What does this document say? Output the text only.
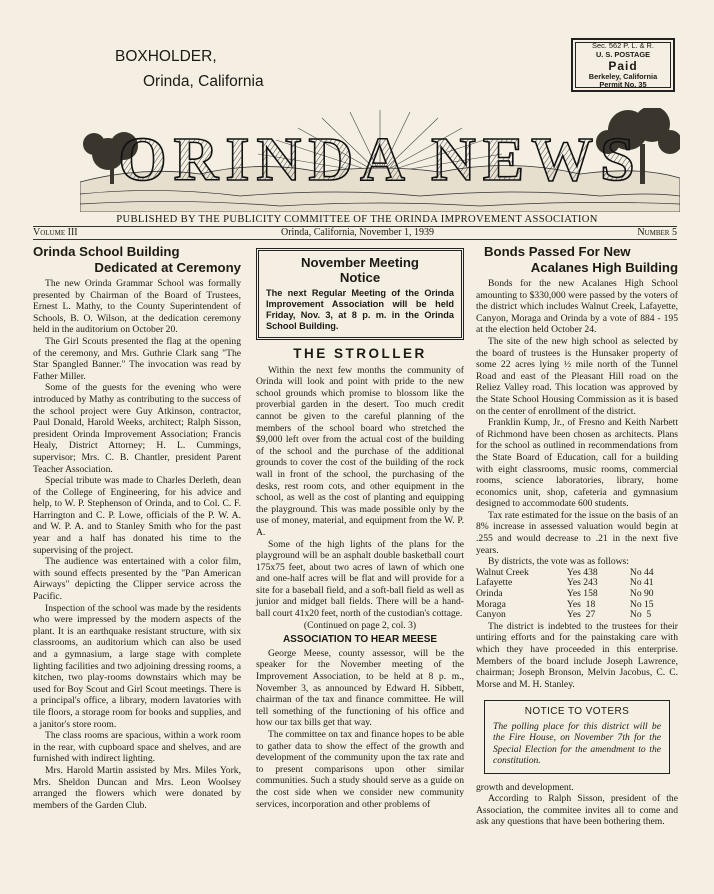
BOXHOLDER,
Orinda, California
Sec. 562 P. L. & R.
U. S. POSTAGE
Paid
Berkeley, California
Permit No. 35
ORINDA NEWS
PUBLISHED BY THE PUBLICITY COMMITTEE OF THE ORINDA IMPROVEMENT ASSOCIATION
Volume III	Orinda, California, November 1, 1939	Number 5
Orinda School Building
Dedicated at Ceremony

The new Orinda Grammar School was formally presented by Chairman of the Board of Trustees, Ernest L. Mathy, to the County Superintendent of Schools, B. O. Wilson, at the dedication ceremony held in the auditorium on October 20.

The Girl Scouts presented the flag at the opening of the ceremony, and Mrs. Guthrie Clark sang "The Star Spangled Banner." The invocation was read by Father Miller.

Some of the guests for the evening who were introduced by Mathy as contributing to the success of the school project were Guy Atkinson, contractor, Paul Donald, Harold Weeks, architect; Ralph Sisson, president Orinda Improvement Association; Francis Healy, District Attorney; H. L. Cummings, supervisor; Mrs. C. B. Chantler, president Parent Teacher Association.

Special tribute was made to Charles Derleth, dean of the College of Engineering, for his advice and help, to W. P. Stephenson of Orinda, and to Col. C. F. Harrington and C. P. Lowe, officials of the P. W. A. and W. P. A. and to Stanley Smith who for the past year and a half has donated his time to the supervising of the project.

The audience was entertained with a color film, with sound effects presented by the "Pan American Airways" depicting the Clipper service across the Pacific.

Inspection of the school was made by the residents who were impressed by the modern aspects of the plant. It is an earthquake resistant structure, with six classrooms, an auditorium which can also be used and a gymnasium, a large stage with complete lighting facilities and two adjoining dressing rooms, a kitchen, two play-rooms downstairs which may be used for Boy Scout and Girl Scout meetings. There is a principal's office, a library, modern lavatories with tile floors, a storage room for books and supplies, and a janitor's store room.

The class rooms are spacious, within a work room in the rear, with cupboard space and shelves, and are furnished with indirect lighting.

Mrs. Harold Martin assisted by Mrs. Miles York, Mrs. Sheldon Duncan and Mrs. Leon Woolsey arranged the flowers which were donated by members of the Garden Club.

November Meeting
Notice
The next Regular Meeting of the Orinda Improvement Association will be held Friday, Nov. 3, at 8 p. m. in the Orinda School Building.
THE STROLLER

Within the next few months the community of Orinda will look and point with pride to the new school grounds which promise to blossom like the proverbial garden in the desert. Too much credit cannot be given to the careful planning of the members of the school board who stretched the $9,000 left over from the actual cost of the building of the school and the purchase of the additional grounds to cover the cost of the building of the rock wall in front of the school, the purchasing of the desks, rest room cots, and other equipment in the school, as well as the cost of planting and equipping the playground. This was made possible only by the use of money, material, and equipment from the W. P. A.

Some of the high lights of the plans for the playground will be an asphalt double basketball court 175x75 feet, about two acres of lawn of which one and one-half acres will be flat and will provide for a site for a baseball field, and a soft-ball field as well as junior and midget ball fields. There will be a hand-ball court 41x20 feet, north of the custodian's cottage.

(Continued on page 2, col. 3)
ASSOCIATION TO HEAR MEESE

George Meese, county assessor, will be the speaker for the November meeting of the Improvement Association, to be held at 8 p. m., November 3, as announced by Edward H. Sibbett, chairman of the tax and finance committee. He will tell something of the functioning of his office and how our tax bills get that way.

The committee on tax and finance hopes to be able to gather data to show the effect of the growth and development of the community upon the tax rate and to present comparisons upon other similar communities. Such a study should serve as a guide on the cost side when we consider new community services, incorporation and other problems of

Bonds Passed For New
Acalanes High Building

Bonds for the new Acalanes High School amounting to $330,000 were passed by the voters of the district which includes Walnut Creek, Lafayette, Canyon, Moraga and Orinda by a vote of 884 - 195 at the election held October 24.

The site of the new high school as selected by the board of trustees is the Hunsaker property of some 22 acres lying ½ mile north of the Tunnel Road and east of the Pleasant Hill road on the Reliez Valley road. This location was approved by the State School Housing Commission as it is based on the center of enrollment of the district.

Franklin Kump, Jr., of Fresno and Keith Narbett of Richmond have been chosen as architects. Plans for the school as outlined in recommendations from the State Board of Education, call for a building with eight classrooms, music rooms, commercial rooms, science laboratories, library, home economics unit, shop, cafeteria and gymnasium designed to accommodate 600 students.

Tax rate estimated for the issue on the basis of an 8% increase in assessed valuation would begin at .255 and would decrease to .21 in the next five years.

By districts, the vote was as follows:

Walnut Creek	Yes 438	No 44
Lafayette	Yes 243	No 41
Orinda	Yes 158	No 90
Moraga	Yes  18	No 15
Canyon	Yes  27	No  5

The district is indebted to the trustees for their untiring efforts and for the painstaking care with which they have proceeded in this enterprise. Members of the board include Joseph Lawrence, chairman; Joseph Bronson, Melvin Jacobus, C. C. Morse and M. H. Stanley.

NOTICE TO VOTERS
The polling place for this district will be the Fire House, on November 7th for the Special Election for the amendment to the constitution.

growth and development.

According to Ralph Sisson, president of the Association, the commitee invites all to come and ask any questions that have been bothering them.
